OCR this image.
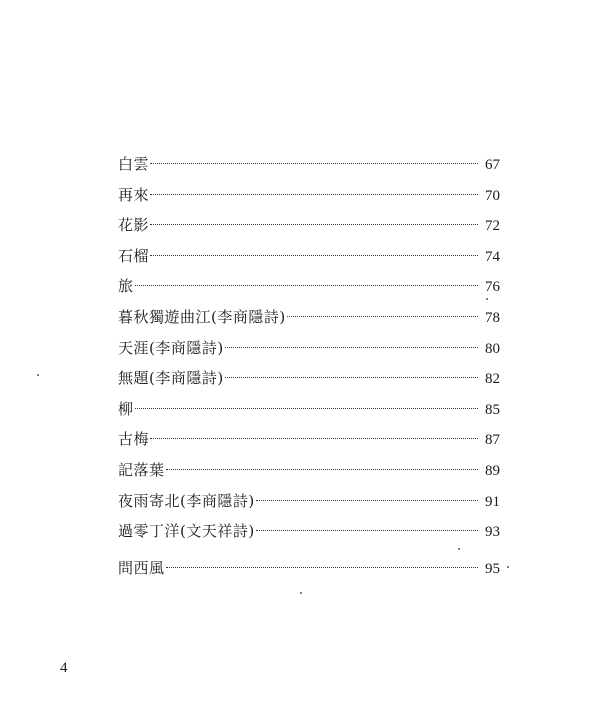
白雲	67
再來	70
花影	72
石榴	74
旅	76
暮秋獨遊曲江(李商隱詩)	78
天涯(李商隱詩)	80
無題(李商隱詩)	82
柳	85
古梅	87
記落葉	89
夜雨寄北(李商隱詩)	91
過零丁洋(文天祥詩)	93
問西風	95
4
